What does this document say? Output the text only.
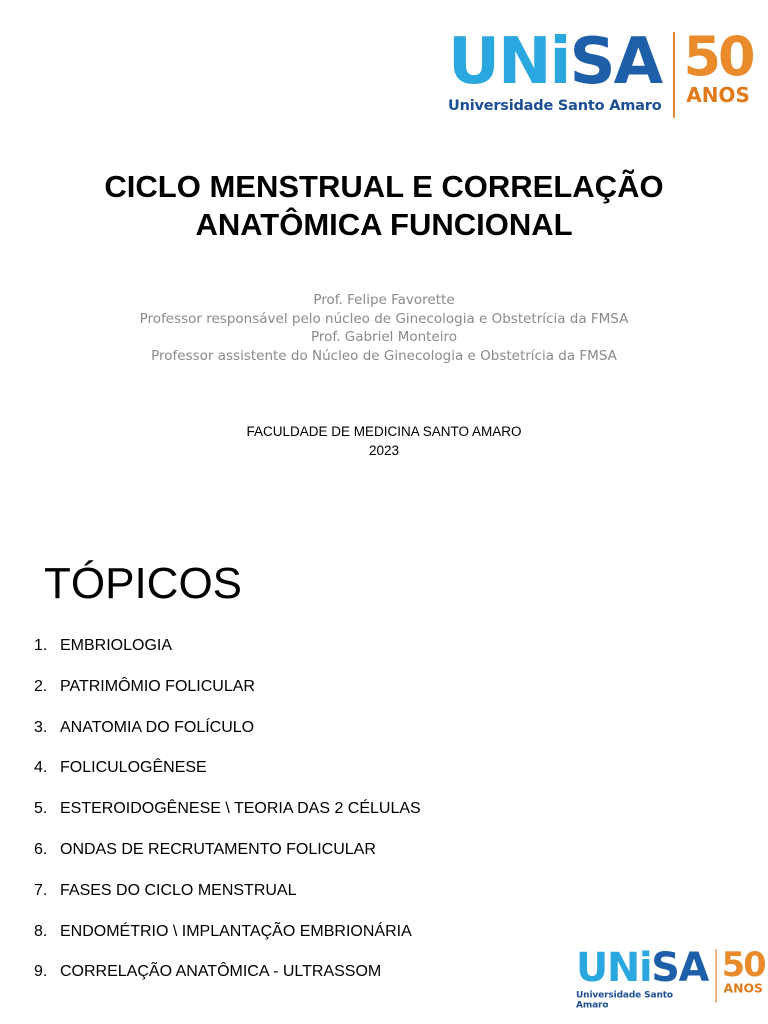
UNi SA
Universidade Santo Amaro
50
ANOS
CICLO MENSTRUAL E CORRELAÇÃO
ANATÔMICA FUNCIONAL
Prof. Felipe Favorette
Professor responsável pelo núcleo de Ginecologia e Obstetrícia da FMSA
Prof. Gabriel Monteiro
Professor assistente do Núcleo de Ginecologia e Obstetrícia da FMSA
FACULDADE DE MEDICINA SANTO AMARO
2023
TÓPICOS
1. EMBRIOLOGIA
2. PATRIMÔMIO FOLICULAR
3. ANATOMIA DO FOLÍCULO
4. FOLICULOGÊNESE
5. ESTEROIDOGÊNESE \ TEORIA DAS 2 CÉLULAS
6. ONDAS DE RECRUTAMENTO FOLICULAR
7. FASES DO CICLO MENSTRUAL
8. ENDOMÉTRIO \ IMPLANTAÇÃO EMBRIONÁRIA
9. CORRELAÇÃO ANATÔMICA - ULTRASSOM	UNi SA
Universidade Santo Amaro
50
ANOS
